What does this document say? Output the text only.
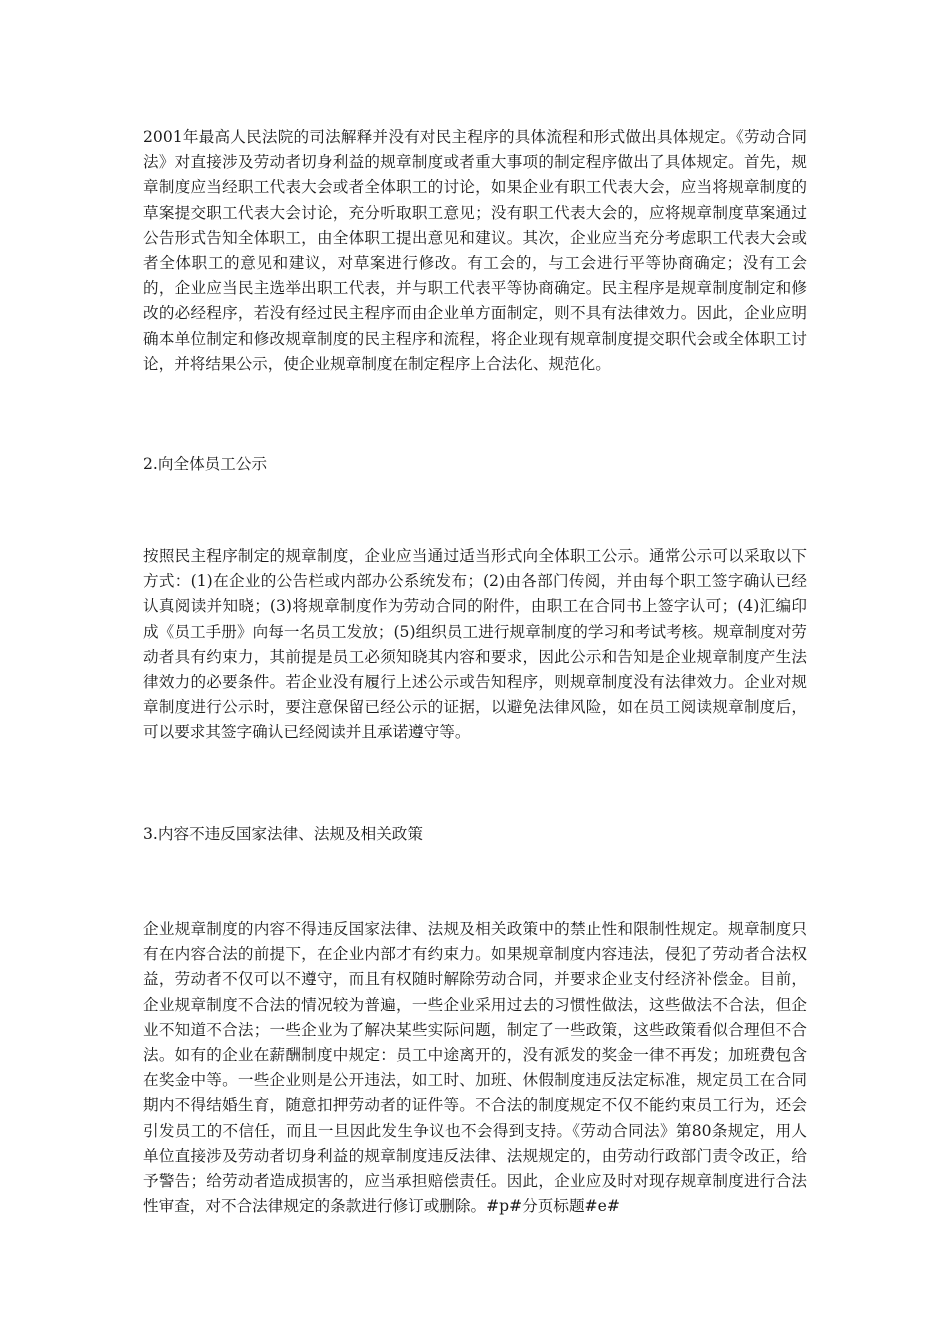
2001年最高人民法院的司法解释并没有对民主程序的具体流程和形式做出具体规定。《劳动合同法》对直接涉及劳动者切身利益的规章制度或者重大事项的制定程序做出了具体规定。首先，规章制度应当经职工代表大会或者全体职工的讨论，如果企业有职工代表大会，应当将规章制度的草案提交职工代表大会讨论，充分听取职工意见；没有职工代表大会的，应将规章制度草案通过公告形式告知全体职工，由全体职工提出意见和建议。其次，企业应当充分考虑职工代表大会或者全体职工的意见和建议，对草案进行修改。有工会的，与工会进行平等协商确定；没有工会的，企业应当民主选举出职工代表，并与职工代表平等协商确定。民主程序是规章制度制定和修改的必经程序，若没有经过民主程序而由企业单方面制定，则不具有法律效力。因此，企业应明确本单位制定和修改规章制度的民主程序和流程，将企业现有规章制度提交职代会或全体职工讨论，并将结果公示，使企业规章制度在制定程序上合法化、规范化。

2.向全体员工公示

按照民主程序制定的规章制度，企业应当通过适当形式向全体职工公示。通常公示可以采取以下方式：(1)在企业的公告栏或内部办公系统发布；(2)由各部门传阅，并由每个职工签字确认已经认真阅读并知晓；(3)将规章制度作为劳动合同的附件，由职工在合同书上签字认可；(4)汇编印成《员工手册》向每一名员工发放；(5)组织员工进行规章制度的学习和考试考核。规章制度对劳动者具有约束力，其前提是员工必须知晓其内容和要求，因此公示和告知是企业规章制度产生法律效力的必要条件。若企业没有履行上述公示或告知程序，则规章制度没有法律效力。企业对规章制度进行公示时，要注意保留已经公示的证据，以避免法律风险，如在员工阅读规章制度后，可以要求其签字确认已经阅读并且承诺遵守等。

3.内容不违反国家法律、法规及相关政策

企业规章制度的内容不得违反国家法律、法规及相关政策中的禁止性和限制性规定。规章制度只有在内容合法的前提下，在企业内部才有约束力。如果规章制度内容违法，侵犯了劳动者合法权益，劳动者不仅可以不遵守，而且有权随时解除劳动合同，并要求企业支付经济补偿金。目前，企业规章制度不合法的情况较为普遍，一些企业采用过去的习惯性做法，这些做法不合法，但企业不知道不合法；一些企业为了解决某些实际问题，制定了一些政策，这些政策看似合理但不合法。如有的企业在薪酬制度中规定：员工中途离开的，没有派发的奖金一律不再发；加班费包含在奖金中等。一些企业则是公开违法，如工时、加班、休假制度违反法定标准，规定员工在合同期内不得结婚生育，随意扣押劳动者的证件等。不合法的制度规定不仅不能约束员工行为，还会引发员工的不信任，而且一旦因此发生争议也不会得到支持。《劳动合同法》第80条规定，用人单位直接涉及劳动者切身利益的规章制度违反法律、法规规定的，由劳动行政部门责令改正，给予警告；给劳动者造成损害的，应当承担赔偿责任。因此，企业应及时对现存规章制度进行合法性审查，对不合法律规定的条款进行修订或删除。#p#分页标题#e#
